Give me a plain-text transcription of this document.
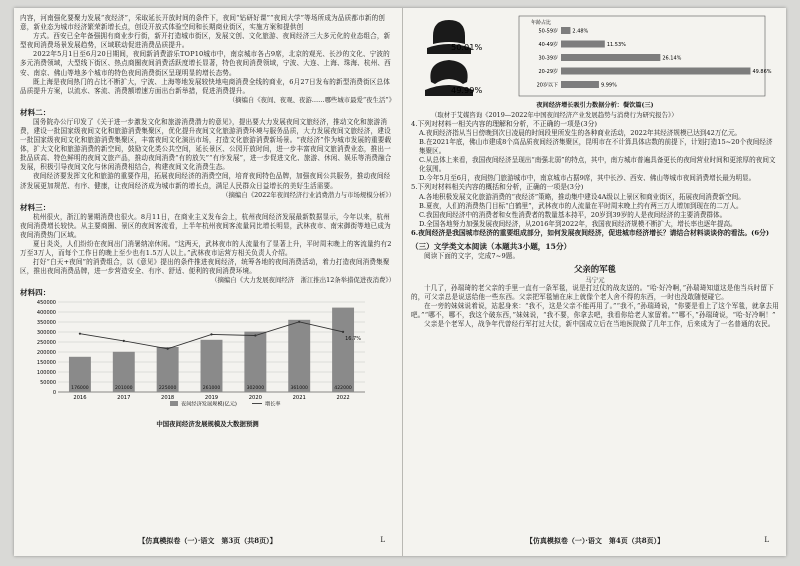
内容，河南强化要聚力发展“夜经济”，采取延长开放时间的条件下，夜间“钻研好课”“夜间大学”等场所成为品质都市新的创意，新业态为城市经济繁荣新增长点，创设开放式体验空间和长期商业街区，实施方案和提供创

方式。西安已全年备强拥有商业步行街，新开打造城市街区，发展文创、文化旅游、夜间经济三大多元化的业态组合，新型夜间消费场景发展趋势，区域联动促进消费品质提升。

2022年5月1日至6月20日期间，夜间新消费游乐TOP10城市中，南京城市各占9席，北京的观光、长沙的文化、宁波的多元消费领域，大型线下街区、热点商圈夜间消费活跃度增长显著，特色夜间消费领域，宁波、大连、上海、珠海、杭州、西安、南京、佛山等地多个城市的特色夜间消费街区呈现明显的增长态势。

既上海是夜间热门的占比不断扩大，宁波、上海等地发展较快地电商消费全线的商业，6月27日发布的新型消费街区总体品质提升方案，以流水、客流、消费额增速方面出台新举措，促进消费提升。

（摘编自《夜间、夜观、夜游……哪些城市最爱“夜生活”》
材料二：

国务院办公厅印发了《关于进一步激发文化和旅游消费潜力的意见》，提出要大力发展夜间文旅经济，推动文化和旅游消费，建设一批国家级夜间文化和旅游消费集聚区，优化提升夜间文化旅游消费环境与服务品质，大力发展夜间文旅经济，建设一批国家级夜间文化和旅游消费集聚区，丰富夜间文化演出市场，打造文化旅游消费新场景。“夜经济”作为城市发展的重要载体，扩大文化和旅游消费的新空间，鼓励文化类公共空间，延长景区、公园开放时间，进一步丰富夜间文旅消费业态，推出一批品质高、特色鲜明的夜间文旅产品，推动夜间消费“有的放矢”“有序发展”，进一步促进文化、旅游、休闲、娱乐等消费融合发展，积极引导夜间文化与休闲消费相结合，构建夜间文化消费生态。

夜间经济要发挥文化和旅游的重要作用，拓展夜间经济的消费空间，培育夜间特色品牌，加强夜间公共服务，推动夜间经济发展更加规范、有序、健康，让夜间经济成为城市新的增长点，满足人民群众日益增长的美好生活需要。

（摘编自《2022年夜间经济行业消费潜力与市场规模分析》）
材料三：

杭州很火，浙江的暑期消费也很火。8月11日，在商业主义发布会上，杭州夜间经济发展最新数据显示，今年以来，杭州夜间消费增长较快。从主要商圈、景区的夜间客流看，上半年杭州夜间客流量同比增长明显，武林夜市、南宋御街等地已成为夜间消费热门区域。

夏日炎炎，人们纷纷在夜间出门消暑纳凉休闲。“这两天，武林夜市的人流量有了显著上升，平时周末晚上的客流量约有2万至3万人，而每个工作日的晚上至少也有1.5万人以上。”武林夜市运营方相关负责人介绍。

打好“白天+夜间”的消费组合，以《意见》提出的条件推进夜间经济，统筹各地的夜间消费活动，着力打造夜间消费集聚区，推出夜间消费品牌，进一步营造安全、有序、舒适、便利的夜间消费环境。

（摘编自《大力发展夜间经济　浙江推出12条举措促进夜消费》）
材料四：
450000
400000
350000
300000
250000
200000
150000
100000
50000
0
176000	201000	225000	261000	302000	361000	422000
16.7%
2016	2017	2018	2019	2020	2021	2022
夜间经济发展规模(亿元)	增长率
中国夜间经济发展规模及大数据预测
【仿真模拟卷（一）·语文　第3页（共8页）】	L
50.01%
49.99%
年龄占比
50-59岁	2.48%
40-49岁	11.53%
30-39岁	26.14%
20-29岁	49.86%
20岁以下	9.99%
夜间经济增长吸引力数据分析：餐饮篇(三)
（取材于艾媒咨询《2019—2022年中国夜间经济产业发展趋势与消费行为研究报告》）
4.下列对材料一相关内容的理解和分析，不正确的一项是(3分)
A.夜间经济指从当日傍晚到次日凌晨的时间段里所发生的各种商业活动，2022年其经济规模已达到42万亿元。
B.在2021年底，佛山市建成8个高品质夜间经济集聚区，昆明市在不计算具体店数的前提下，计划打造15~20个夜间经济集聚区。
C.从总体上来看，我国夜间经济呈现出“南强北弱”的特点，其中，南方城市普遍具备更长的夜间营业时间和更浓厚的夜间文化氛围。
D.今年5月至6月，夜间热门旅游城市中，南京城市占据9席，其中长沙、西安、佛山等城市夜间消费增长最为明显。
5.下列对材料相关内容的概括和分析，正确的一项是(3分)
A.各地积极发展文化旅游消费的“夜经济”策略，推动集中建设4A级以上景区和商业街区，拓展夜间消费新空间。
B.夏夜，人们的消费热门目标“白鹤里”，武林夜市的人流量在平时周末晚上约有两三万人增加到现在的二万人。
C.我国夜间经济中的消费者和女性消费者的数量基本持平，20岁到39岁的人是夜间经济的主要消费群体。
D.全国各地努力加强发展夜间经济，从2016年到2022年，我国夜间经济规模不断扩大，增长率也逐年提高。
6.夜间经济是我国城市经济的重要组成部分，如何发展夜间经济，促进城市经济增长？请结合材料谈谈你的看法。(6分)
（三）文学类文本阅读（本题共3小题，15分）

阅读下面的文字，完成7~9题。

父亲的军毯
马宁元

十几了，孙瑞琦的老父亲的手里一直有一条军毯，说是打过仗的战友送的。“哈·好冷啊，”孙瑞琦知道这是他当兵时留下的，可父亲总是说送给他一些东西。父亲把军毯铺在床上就像个老人舍不得的东西，一时也没敢随便碰它。

在一旁的妹妹说着说，站起身来：“我不，这是父亲不能再用了。”“我不，”孙瑞琦说，“你要是看上了这个军毯，就拿去用吧。”“哪不，哪不，我这个破东西，”妹妹说，“我不要，你拿去吧，我看你给老人家留着。”“哪不，”孙瑞琦说，“哈·好冷啊！”

父亲是个老军人，战争年代曾经行军打过大仗，新中国成立后在当地医院做了几年工作，后来成为了一名普通的农民。

【仿真模拟卷（一）·语文　第4页（共8页）】	L
